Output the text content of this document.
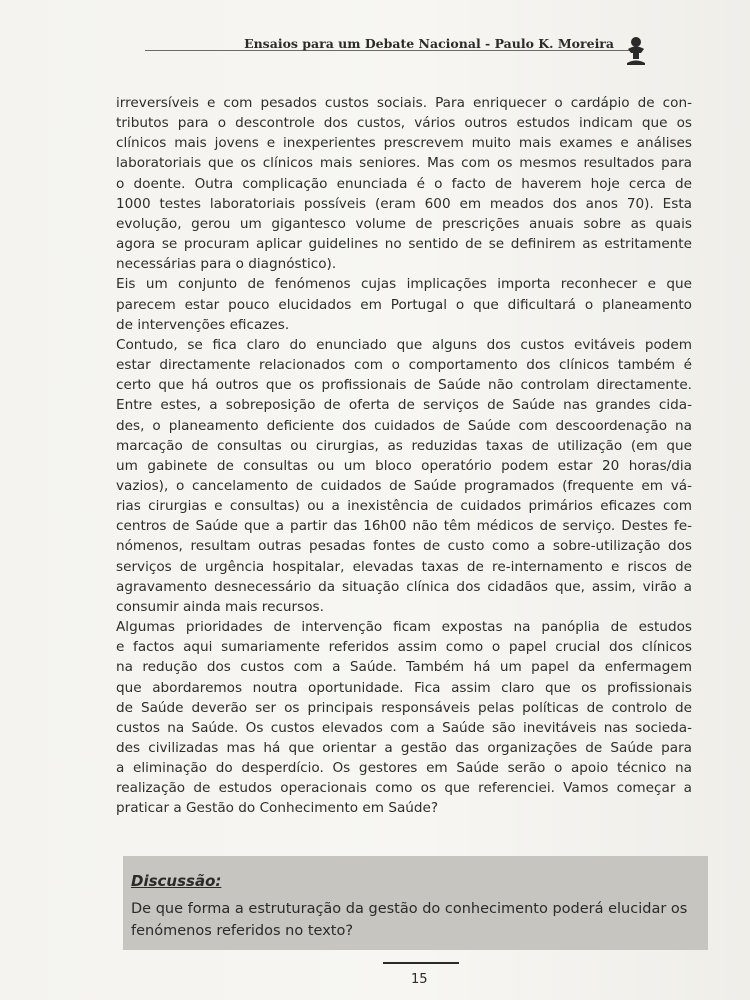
Ensaios para um Debate Nacional - Paulo K. Moreira
irreversíveis e com pesados custos sociais. Para enriquecer o cardápio de con-
tributos para o descontrole dos custos, vários outros estudos indicam que os
clínicos mais jovens e inexperientes prescrevem muito mais exames e análises
laboratoriais que os clínicos mais seniores. Mas com os mesmos resultados para
o doente. Outra complicação enunciada é o facto de haverem hoje cerca de
1000 testes laboratoriais possíveis (eram 600 em meados dos anos 70). Esta
evolução, gerou um gigantesco volume de prescrições anuais sobre as quais
agora se procuram aplicar guidelines no sentido de se definirem as estritamente
necessárias para o diagnóstico).
Eis um conjunto de fenómenos cujas implicações importa reconhecer e que
parecem estar pouco elucidados em Portugal o que dificultará o planeamento
de intervenções eficazes.
Contudo, se fica claro do enunciado que alguns dos custos evitáveis podem
estar directamente relacionados com o comportamento dos clínicos também é
certo que há outros que os profissionais de Saúde não controlam directamente.
Entre estes, a sobreposição de oferta de serviços de Saúde nas grandes cida-
des, o planeamento deficiente dos cuidados de Saúde com descoordenação na
marcação de consultas ou cirurgias, as reduzidas taxas de utilização (em que
um gabinete de consultas ou um bloco operatório podem estar 20 horas/dia
vazios), o cancelamento de cuidados de Saúde programados (frequente em vá-
rias cirurgias e consultas) ou a inexistência de cuidados primários eficazes com
centros de Saúde que a partir das 16h00 não têm médicos de serviço. Destes fe-
nómenos, resultam outras pesadas fontes de custo como a sobre-utilização dos
serviços de urgência hospitalar, elevadas taxas de re-internamento e riscos de
agravamento desnecessário da situação clínica dos cidadãos que, assim, virão a
consumir ainda mais recursos.
Algumas prioridades de intervenção ficam expostas na panóplia de estudos
e factos aqui sumariamente referidos assim como o papel crucial dos clínicos
na redução dos custos com a Saúde. Também há um papel da enfermagem
que abordaremos noutra oportunidade. Fica assim claro que os profissionais
de Saúde deverão ser os principais responsáveis pelas políticas de controlo de
custos na Saúde. Os custos elevados com a Saúde são inevitáveis nas socieda-
des civilizadas mas há que orientar a gestão das organizações de Saúde para
a eliminação do desperdício. Os gestores em Saúde serão o apoio técnico na
realização de estudos operacionais como os que referenciei. Vamos começar a
praticar a Gestão do Conhecimento em Saúde?
Discussão:
De que forma a estruturação da gestão do conhecimento poderá elucidar os
fenómenos referidos no texto?
15
